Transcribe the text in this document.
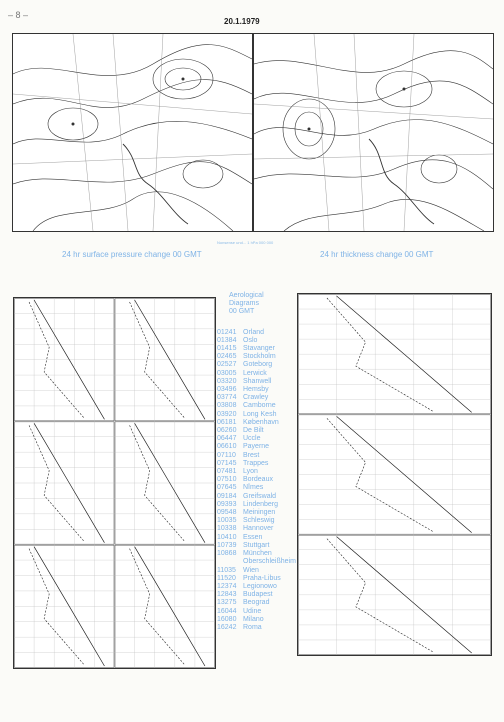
– 8 –
20.1.1979
Nonsense und... 1 hPa 000 000
24 hr surface pressure change 00 GMT	24 hr thickness change 00 GMT
Aerological
Diagrams
00 GMT
01241 Orland
01384 Oslo
01415 Stavanger
02465 Stockholm
02527 Goteborg
03005 Lerwick
03320 Shanwell
03496 Hemsby
03774 Crawley
03808 Camborne
03920 Long Kesh
06181 København
06260 De Bilt
06447 Uccle
06610 Payerne
07110 Brest
07145 Trappes
07481 Lyon
07510 Bordeaux
07645 Nîmes
09184 Greifswald
09393 Lindenberg
09548 Meiningen
10035 Schleswig
10338 Hannover
10410 Essen
10739 Stuttgart
10868 München
Oberschleißheim
11035 Wien
11520 Praha-Libus
12374 Legionowo
12843 Budapest
13275 Beograd
16044 Udine
16080 Milano
16242 Roma
